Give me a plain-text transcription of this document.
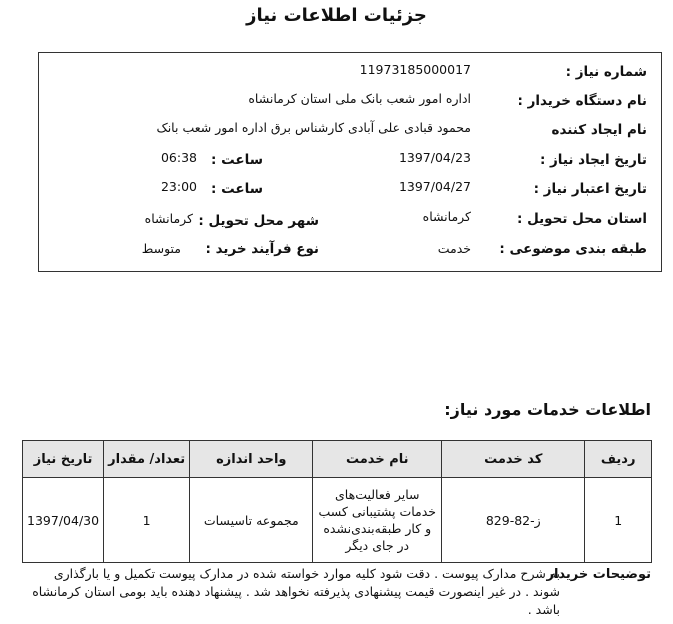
جزئیات اطلاعات نیاز

شماره نیاز :
11973185000017
نام دستگاه خریدار :
اداره امور شعب بانک ملی استان کرمانشاه
نام ایجاد کننده
محمود قبادی علی آبادی کارشناس برق اداره امور شعب بانک
تاریخ ایجاد نیاز :
1397/04/23
ساعت :
06:38
تاریخ اعتبار نیاز :
1397/04/27
ساعت :
23:00
استان محل تحویل :
کرمانشاه
شهر محل تحویل :
کرمانشاه
طبقه بندی موضوعی :
خدمت
نوع فرآیند خرید :
متوسط
اطلاعات خدمات مورد نیاز:
ردیف	کد خدمت	نام خدمت	واحد اندازه	تعداد/ مقدار	تاریخ نیاز
1	ز-82-829	سایر فعالیت‌های خدمات پشتیبانی کسب و کار طبقه‌بندی‌نشده در جای دیگر	مجموعه تاسیسات	1	1397/04/30
توضیحات خریدار
به شرح مدارک پیوست . دقت شود کلیه موارد خواسته شده در مدارک پیوست تکمیل و یا بارگذاری شوند . در غیر اینصورت قیمت پیشنهادی پذیرفته نخواهد شد . پیشنهاد دهنده باید بومی استان کرمانشاه باشد .
